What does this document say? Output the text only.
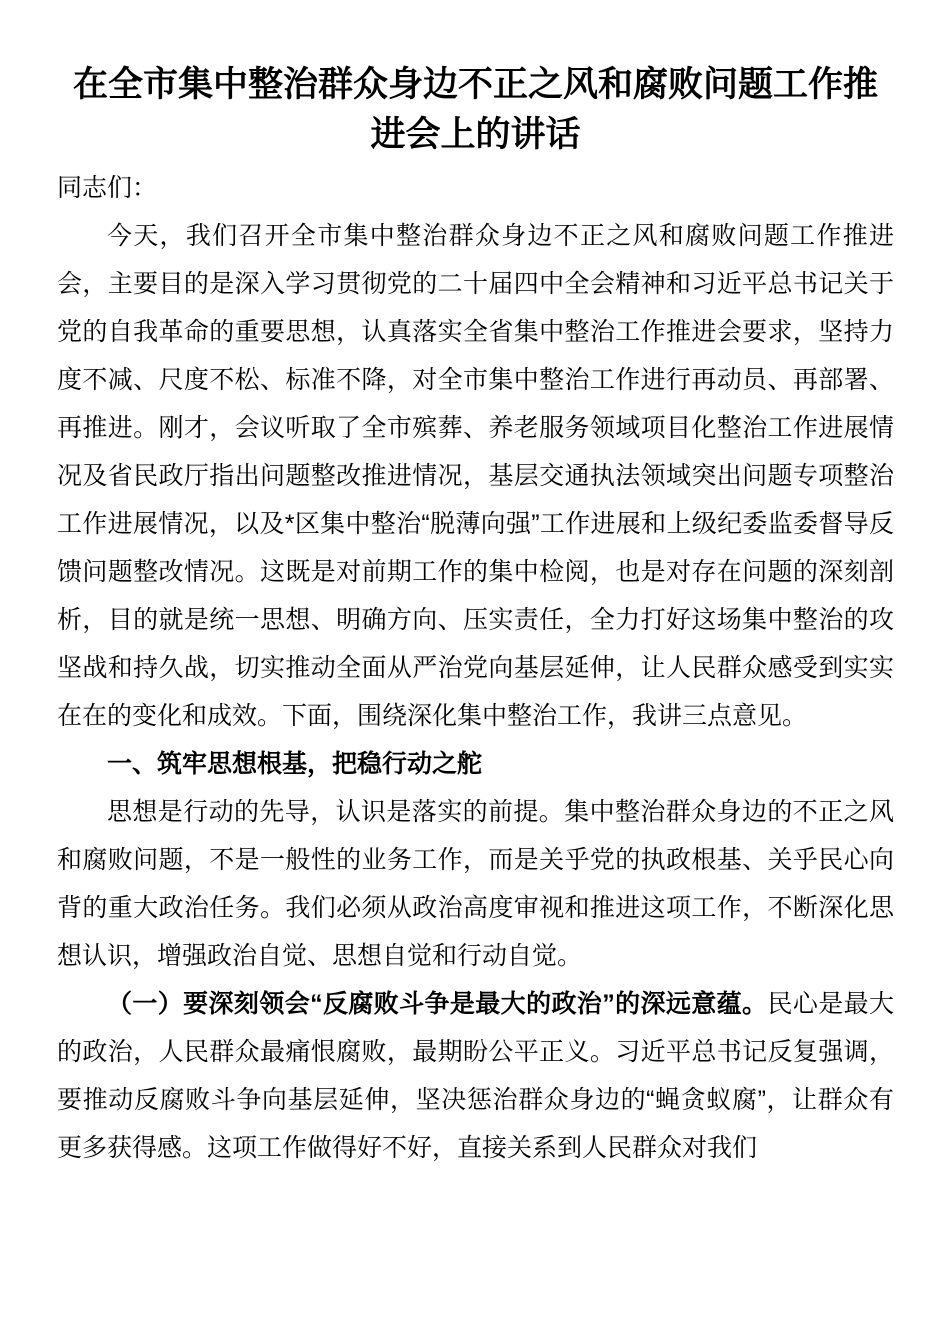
在全市集中整治群众身边不正之风和腐败问题工作推进会上的讲话

同志们：

今天，我们召开全市集中整治群众身边不正之风和腐败问题工作推进会，主要目的是深入学习贯彻党的二十届四中全会精神和习近平总书记关于党的自我革命的重要思想，认真落实全省集中整治工作推进会要求，坚持力度不减、尺度不松、标准不降，对全市集中整治工作进行再动员、再部署、再推进。刚才，会议听取了全市殡葬、养老服务领域项目化整治工作进展情况及省民政厅指出问题整改推进情况，基层交通执法领域突出问题专项整治工作进展情况，以及*区集中整治“脱薄向强”工作进展和上级纪委监委督导反馈问题整改情况。这既是对前期工作的集中检阅，也是对存在问题的深刻剖析，目的就是统一思想、明确方向、压实责任，全力打好这场集中整治的攻坚战和持久战，切实推动全面从严治党向基层延伸，让人民群众感受到实实在在的变化和成效。下面，围绕深化集中整治工作，我讲三点意见。

一、筑牢思想根基，把稳行动之舵

思想是行动的先导，认识是落实的前提。集中整治群众身边的不正之风和腐败问题，不是一般性的业务工作，而是关乎党的执政根基、关乎民心向背的重大政治任务。我们必须从政治高度审视和推进这项工作，不断深化思想认识，增强政治自觉、思想自觉和行动自觉。

（一）要深刻领会“反腐败斗争是最大的政治”的深远意蕴。民心是最大的政治，人民群众最痛恨腐败，最期盼公平正义。习近平总书记反复强调，要推动反腐败斗争向基层延伸，坚决惩治群众身边的“蝇贪蚁腐”，让群众有更多获得感。这项工作做得好不好，直接关系到人民群众对我们
